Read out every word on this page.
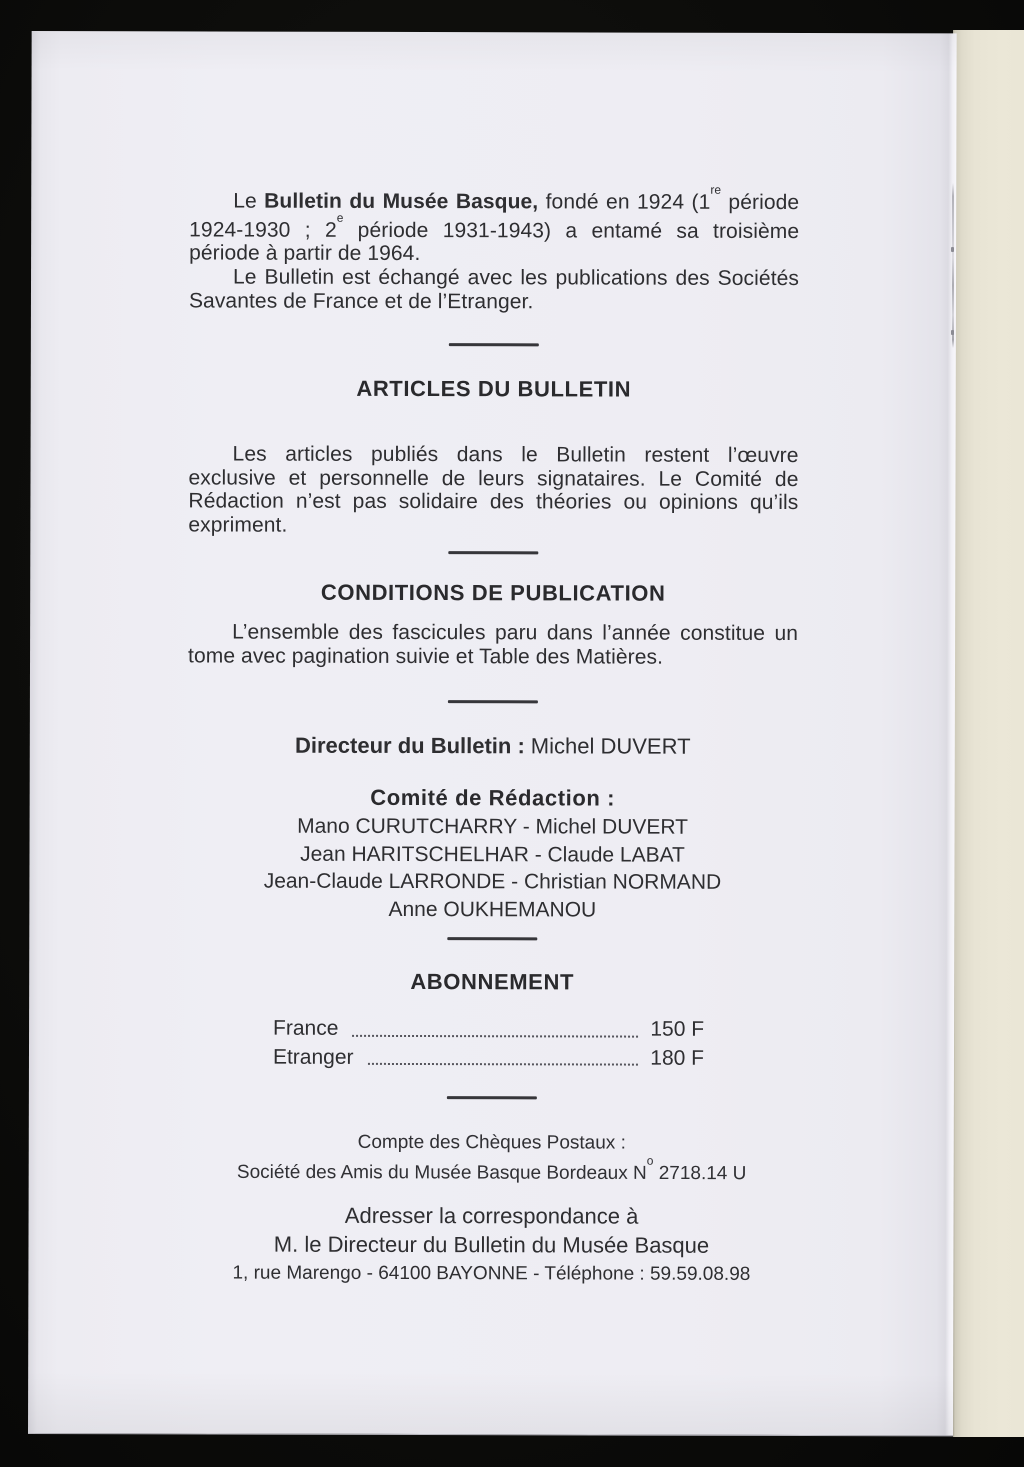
Le Bulletin du Musée Basque, fondé en 1924 (1re période 1924-1930 ; 2e période 1931-1943) a entamé sa troisième période à partir de 1964.

Le Bulletin est échangé avec les publications des Sociétés Savantes de France et de l’Etranger.

ARTICLES DU BULLETIN

Les articles publiés dans le Bulletin restent l’œuvre exclusive et personnelle de leurs signataires. Le Comité de Rédaction n’est pas solidaire des théories ou opinions qu’ils expriment.

CONDITIONS DE PUBLICATION

L’ensemble des fascicules paru dans l’année constitue un tome avec pagination suivie et Table des Matières.

Directeur du Bulletin : Michel DUVERT
Comité de Rédaction :
Mano CURUTCHARRY - Michel DUVERT
Jean HARITSCHELHAR - Claude LABAT
Jean-Claude LARRONDE - Christian NORMAND
Anne OUKHEMANOU
ABONNEMENT
France	150 F
Etranger	180 F
Compte des Chèques Postaux :
Société des Amis du Musée Basque Bordeaux $N^o$ 2718.14 U
Adresser la correspondance à
M. le Directeur du Bulletin du Musée Basque
1, rue Marengo - 64100 BAYONNE - Téléphone : 59.59.08.98
